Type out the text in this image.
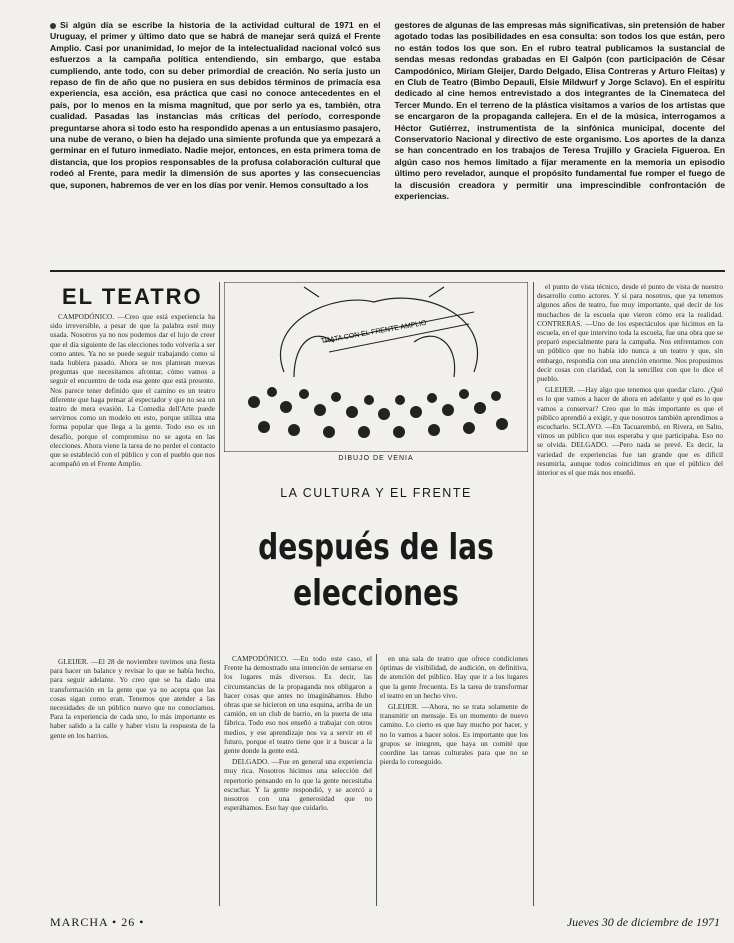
Si algún día se escribe la historia de la actividad cultural de 1971 en el Uruguay, el primer y último dato que se habrá de manejar será quizá el Frente Amplio. Casi por unanimidad, lo mejor de la intelectualidad nacional volcó sus esfuerzos a la campaña política entendiendo, sin embargo, que estaba cumpliendo, ante todo, con su deber primordial de creación. No sería justo un repaso de fin de año que no pusiera en sus debidos términos de primacía esa experiencia, esa acción, esa práctica que casi no conoce antecedentes en el país, por lo menos en la misma magnitud, que por serlo ya es, también, otra cualidad. Pasadas las instancias más críticas del período, corresponde preguntarse ahora si todo esto ha respondido apenas a un entusiasmo pasajero, una nube de verano, o bien ha dejado una simiente profunda que ya empezará a germinar en el futuro inmediato. Nadie mejor, entonces, en esta primera toma de distancia, que los propios responsables de la profusa colaboración cultural que rodeó al Frente, para medir la dimensión de sus aportes y las consecuencias que, suponen, habremos de ver en los días por venir. Hemos consultado a los

gestores de algunas de las empresas más significativas, sin pretensión de haber agotado todas las posibilidades en esa consulta: son todos los que están, pero no están todos los que son. En el rubro teatral publicamos la sustancial de sendas mesas redondas grabadas en El Galpón (con participación de César Campodónico, Miriam Gleijer, Dardo Delgado, Elisa Contreras y Arturo Fleitas) y en Club de Teatro (Bimbo Depauli, Elsie Mildwurf y Jorge Sclavo). En el espíritu dedicado al cine hemos entrevistado a dos integrantes de la Cinemateca del Tercer Mundo. En el terreno de la plástica visitamos a varios de los artistas que se encargaron de la propaganda callejera. En el de la música, interrogamos a Héctor Gutiérrez, instrumentista de la sinfónica municipal, docente del Conservatorio Nacional y directivo de este organismo. Los aportes de la danza se han concentrado en los trabajos de Teresa Trujillo y Graciela Figueroa. En algún caso nos hemos limitado a fijar meramente en la memoria un episodio último pero revelador, aunque el propósito fundamental fue romper el fuego de la discusión creadora y permitir una imprescindible confrontación de experiencias.

EL TEATRO

CAMPODÓNICO. —Creo que está experiencia ha sido irreversible, a pesar de que la palabra esté muy usada. Nosotros ya no nos podemos dar el lujo de creer que el día siguiente de las elecciones todo volvería a ser como antes. Ya no se puede seguir trabajando como si nada hubiera pasado. Ahora se nos plantean nuevas preguntas que necesitamos afrontar, cómo vamos a seguir el encuentro de toda esa gente que está presente. Nos parece tener definido que el camino es un teatro diferente que haga pensar al espectador y que no sea un teatro de mera evasión. La Comedia dell'Arte puede servirnos como un modelo en esto, porque utiliza una forma popular que llega a la gente. Todo eso es un desafío, porque el compromiso no se agota en las elecciones. Ahora viene la tarea de no perder el contacto que se estableció con el público y con el pueblo que nos acompañó en el Frente Amplio.

GLEIJER. —El 28 de noviembre tuvimos una fiesta para hacer un balance y revisar lo que se había hecho, para seguir adelante. Yo creo que se ha dado una transformación en la gente que ya no acepta que las cosas sigan como eran. Tenemos que atender a las necesidades de un público nuevo que no conocíamos. Para la experiencia de cada uno, lo más importante es haber salido a la calle y haber visto la respuesta de la gente en los barrios.

TRATA CON EL FRENTE AMPLIO
DIBUJO DE VENIA
LA CULTURA Y EL FRENTE
después de las elecciones

CAMPODÓNICO. —En todo este caso, el Frente ha demostrado una intención de sentarse en los lugares más diversos. Es decir, las circunstancias de la propaganda nos obligaron a hacer cosas que antes no imaginábamos. Hubo obras que se hicieron en una esquina, arriba de un camión, en un club de barrio, en la puerta de una fábrica. Todo eso nos enseñó a trabajar con otros medios, y ese aprendizaje nos va a servir en el futuro, porque el teatro tiene que ir a buscar a la gente donde la gente está.

DELGADO. —Fue en general una experiencia muy rica. Nosotros hicimos una selección del repertorio pensando en lo que la gente necesitaba escuchar. Y la gente respondió, y se acercó a nosotros con una generosidad que no esperábamos. Eso hay que cuidarlo.

en una sala de teatro que ofrece condiciones óptimas de visibilidad, de audición, en definitiva, de atención del público. Hay que ir a los lugares que la gente frecuenta. Es la tarea de transformar el teatro en un hecho vivo.

GLEIJER. —Ahora, no se trata solamente de transmitir un mensaje. Es un momento de nuevo camino. Lo cierto es que hay mucho por hacer, y no lo vamos a hacer solos. Es importante que los grupos se integren, que haya un comité que coordine las tareas culturales para que no se pierda lo conseguido.

el punto de vista técnico, desde el punto de vista de nuestro desarrollo como actores. Y si para nosotros, que ya tenemos algunos años de teatro, fue muy importante, qué decir de los muchachos de la escuela que vieron cómo era la realidad. CONTRERAS. —Uno de los espectáculos que hicimos en la escuela, en el que intervino toda la escuela, fue una obra que se preparó especialmente para la campaña. Nos enfrentamos con un público que no había ido nunca a un teatro y que, sin embargo, respondía con una atención enorme. Nos propusimos decir cosas con claridad, con la sencillez con que lo dice el pueblo.

GLEIJER. —Hay algo que tenemos que quedar claro. ¿Qué es lo que vamos a hacer de ahora en adelante y qué es lo que vamos a conservar? Creo que lo más importante es que el público aprendió a exigir, y que nosotros también aprendimos a escucharlo. SCLAVO. —En Tacuarembó, en Rivera, en Salto, vimos un público que nos esperaba y que participaba. Eso no se olvida. DELGADO. —Pero nada se prevé. Es decir, la variedad de experiencias fue tan grande que es difícil resumirla, aunque todos coincidimos en que el público del interior es el que más nos enseñó.

MARCHA • 26 •	Jueves 30 de diciembre de 1971
